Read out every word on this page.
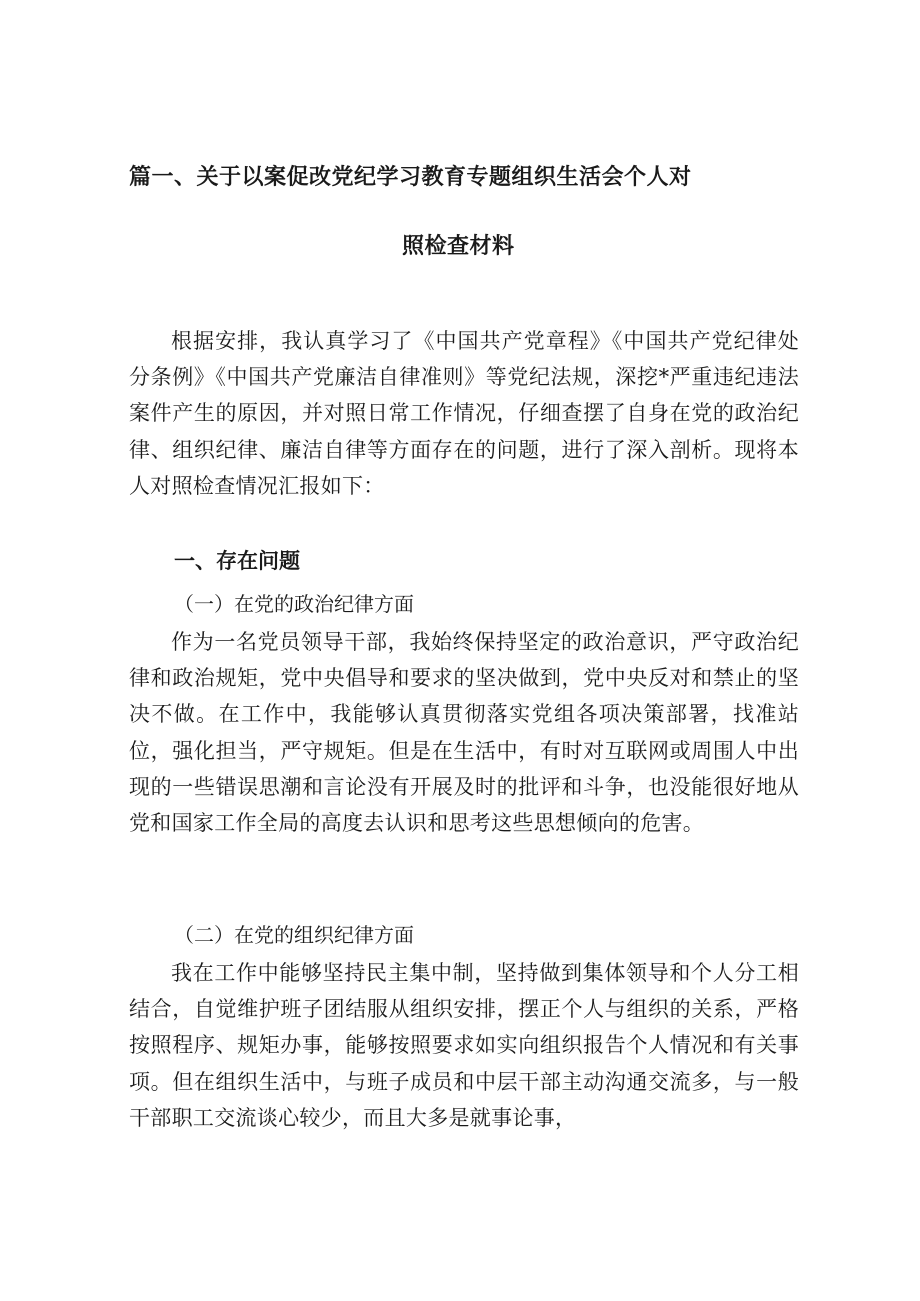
篇一、关于以案促改党纪学习教育专题组织生活会个人对
照检查材料

根据安排，我认真学习了《中国共产党章程》《中国共产党纪律处分条例》《中国共产党廉洁自律准则》等党纪法规，深挖*严重违纪违法案件产生的原因，并对照日常工作情况，仔细查摆了自身在党的政治纪律、组织纪律、廉洁自律等方面存在的问题，进行了深入剖析。现将本人对照检查情况汇报如下：

一、存在问题
（一）在党的政治纪律方面

作为一名党员领导干部，我始终保持坚定的政治意识，严守政治纪律和政治规矩，党中央倡导和要求的坚决做到，党中央反对和禁止的坚决不做。在工作中，我能够认真贯彻落实党组各项决策部署，找准站位，强化担当，严守规矩。但是在生活中，有时对互联网或周围人中出现的一些错误思潮和言论没有开展及时的批评和斗争，也没能很好地从党和国家工作全局的高度去认识和思考这些思想倾向的危害。

（二）在党的组织纪律方面

我在工作中能够坚持民主集中制，坚持做到集体领导和个人分工相结合，自觉维护班子团结服从组织安排，摆正个人与组织的关系，严格按照程序、规矩办事，能够按照要求如实向组织报告个人情况和有关事项。但在组织生活中，与班子成员和中层干部主动沟通交流多，与一般干部职工交流谈心较少，而且大多是就事论事，
